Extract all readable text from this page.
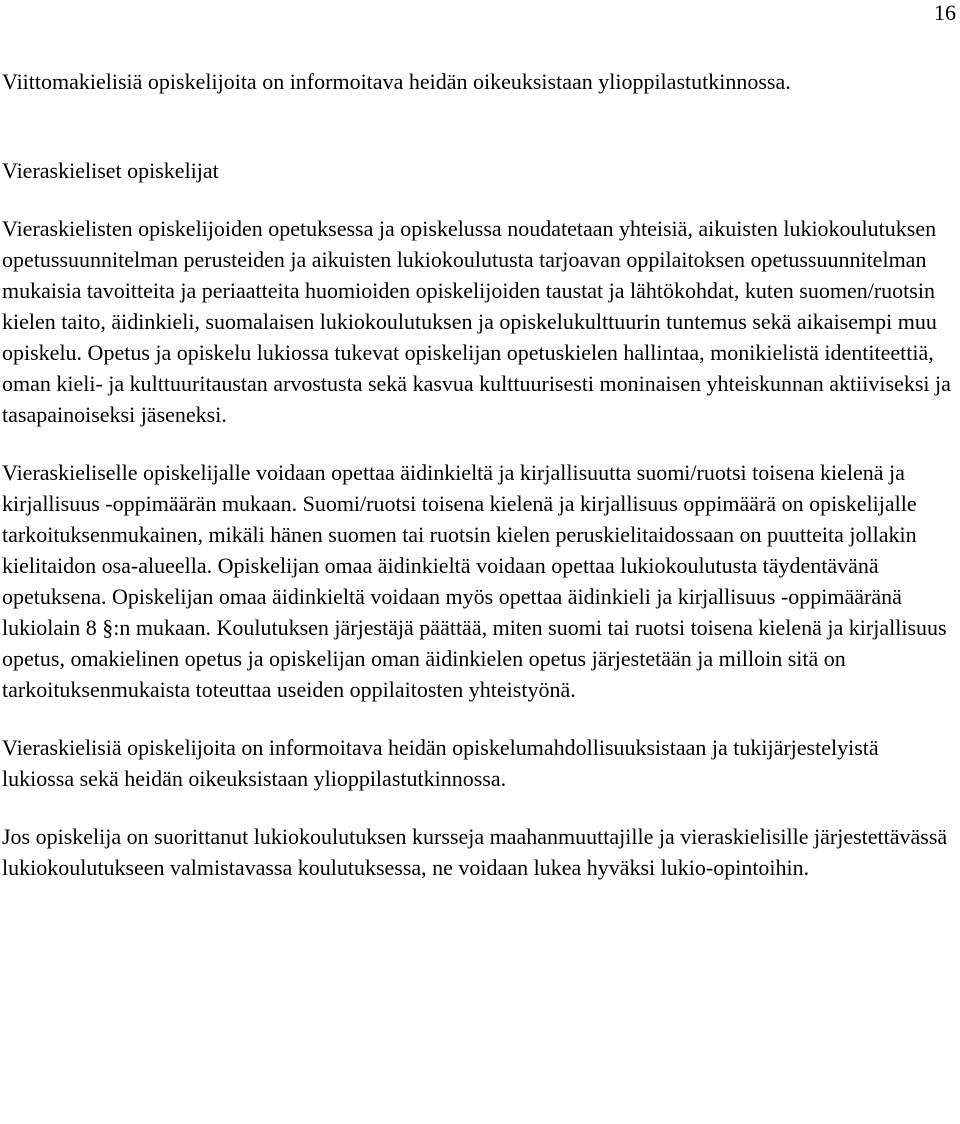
16

Viittomakielisiä opiskelijoita on informoitava heidän oikeuksistaan ylioppilastutkinnossa.

Vieraskieliset opiskelijat

Vieraskielisten opiskelijoiden opetuksessa ja opiskelussa noudatetaan yhteisiä, aikuisten lukiokoulutuksen opetussuunnitelman perusteiden ja aikuisten lukiokoulutusta tarjoavan oppilaitoksen opetussuunnitelman mukaisia tavoitteita ja periaatteita huomioiden opiskelijoiden taustat ja lähtökohdat, kuten suomen/ruotsin kielen taito, äidinkieli, suomalaisen lukiokoulutuksen ja opiskelukulttuurin tuntemus sekä aikaisempi muu opiskelu. Opetus ja opiskelu lukiossa tukevat opiskelijan opetuskielen hallintaa, monikielistä identiteettiä, oman kieli- ja kulttuuritaustan arvostusta sekä kasvua kulttuurisesti moninaisen yhteiskunnan aktiiviseksi ja tasapainoiseksi jäseneksi.

Vieraskieliselle opiskelijalle voidaan opettaa äidinkieltä ja kirjallisuutta suomi/ruotsi toisena kielenä ja kirjallisuus -oppimäärän mukaan. Suomi/ruotsi toisena kielenä ja kirjallisuus oppimäärä on opiskelijalle tarkoituksenmukainen, mikäli hänen suomen tai ruotsin kielen peruskielitaidossaan on puutteita jollakin kielitaidon osa-alueella. Opiskelijan omaa äidinkieltä voidaan opettaa lukiokoulutusta täydentävänä opetuksena. Opiskelijan omaa äidinkieltä voidaan myös opettaa äidinkieli ja kirjallisuus -oppimääränä lukiolain 8 §:n mukaan. Koulutuksen järjestäjä päättää, miten suomi tai ruotsi toisena kielenä ja kirjallisuus opetus, omakielinen opetus ja opiskelijan oman äidinkielen opetus järjestetään ja milloin sitä on tarkoituksenmukaista toteuttaa useiden oppilaitosten yhteistyönä.

Vieraskielisiä opiskelijoita on informoitava heidän opiskelumahdollisuuksistaan ja tukijärjestelyistä lukiossa sekä heidän oikeuksistaan ylioppilastutkinnossa.

Jos opiskelija on suorittanut lukiokoulutuksen kursseja maahanmuuttajille ja vieraskielisille järjestettävässä lukiokoulutukseen valmistavassa koulutuksessa, ne voidaan lukea hyväksi lukio-opintoihin.
